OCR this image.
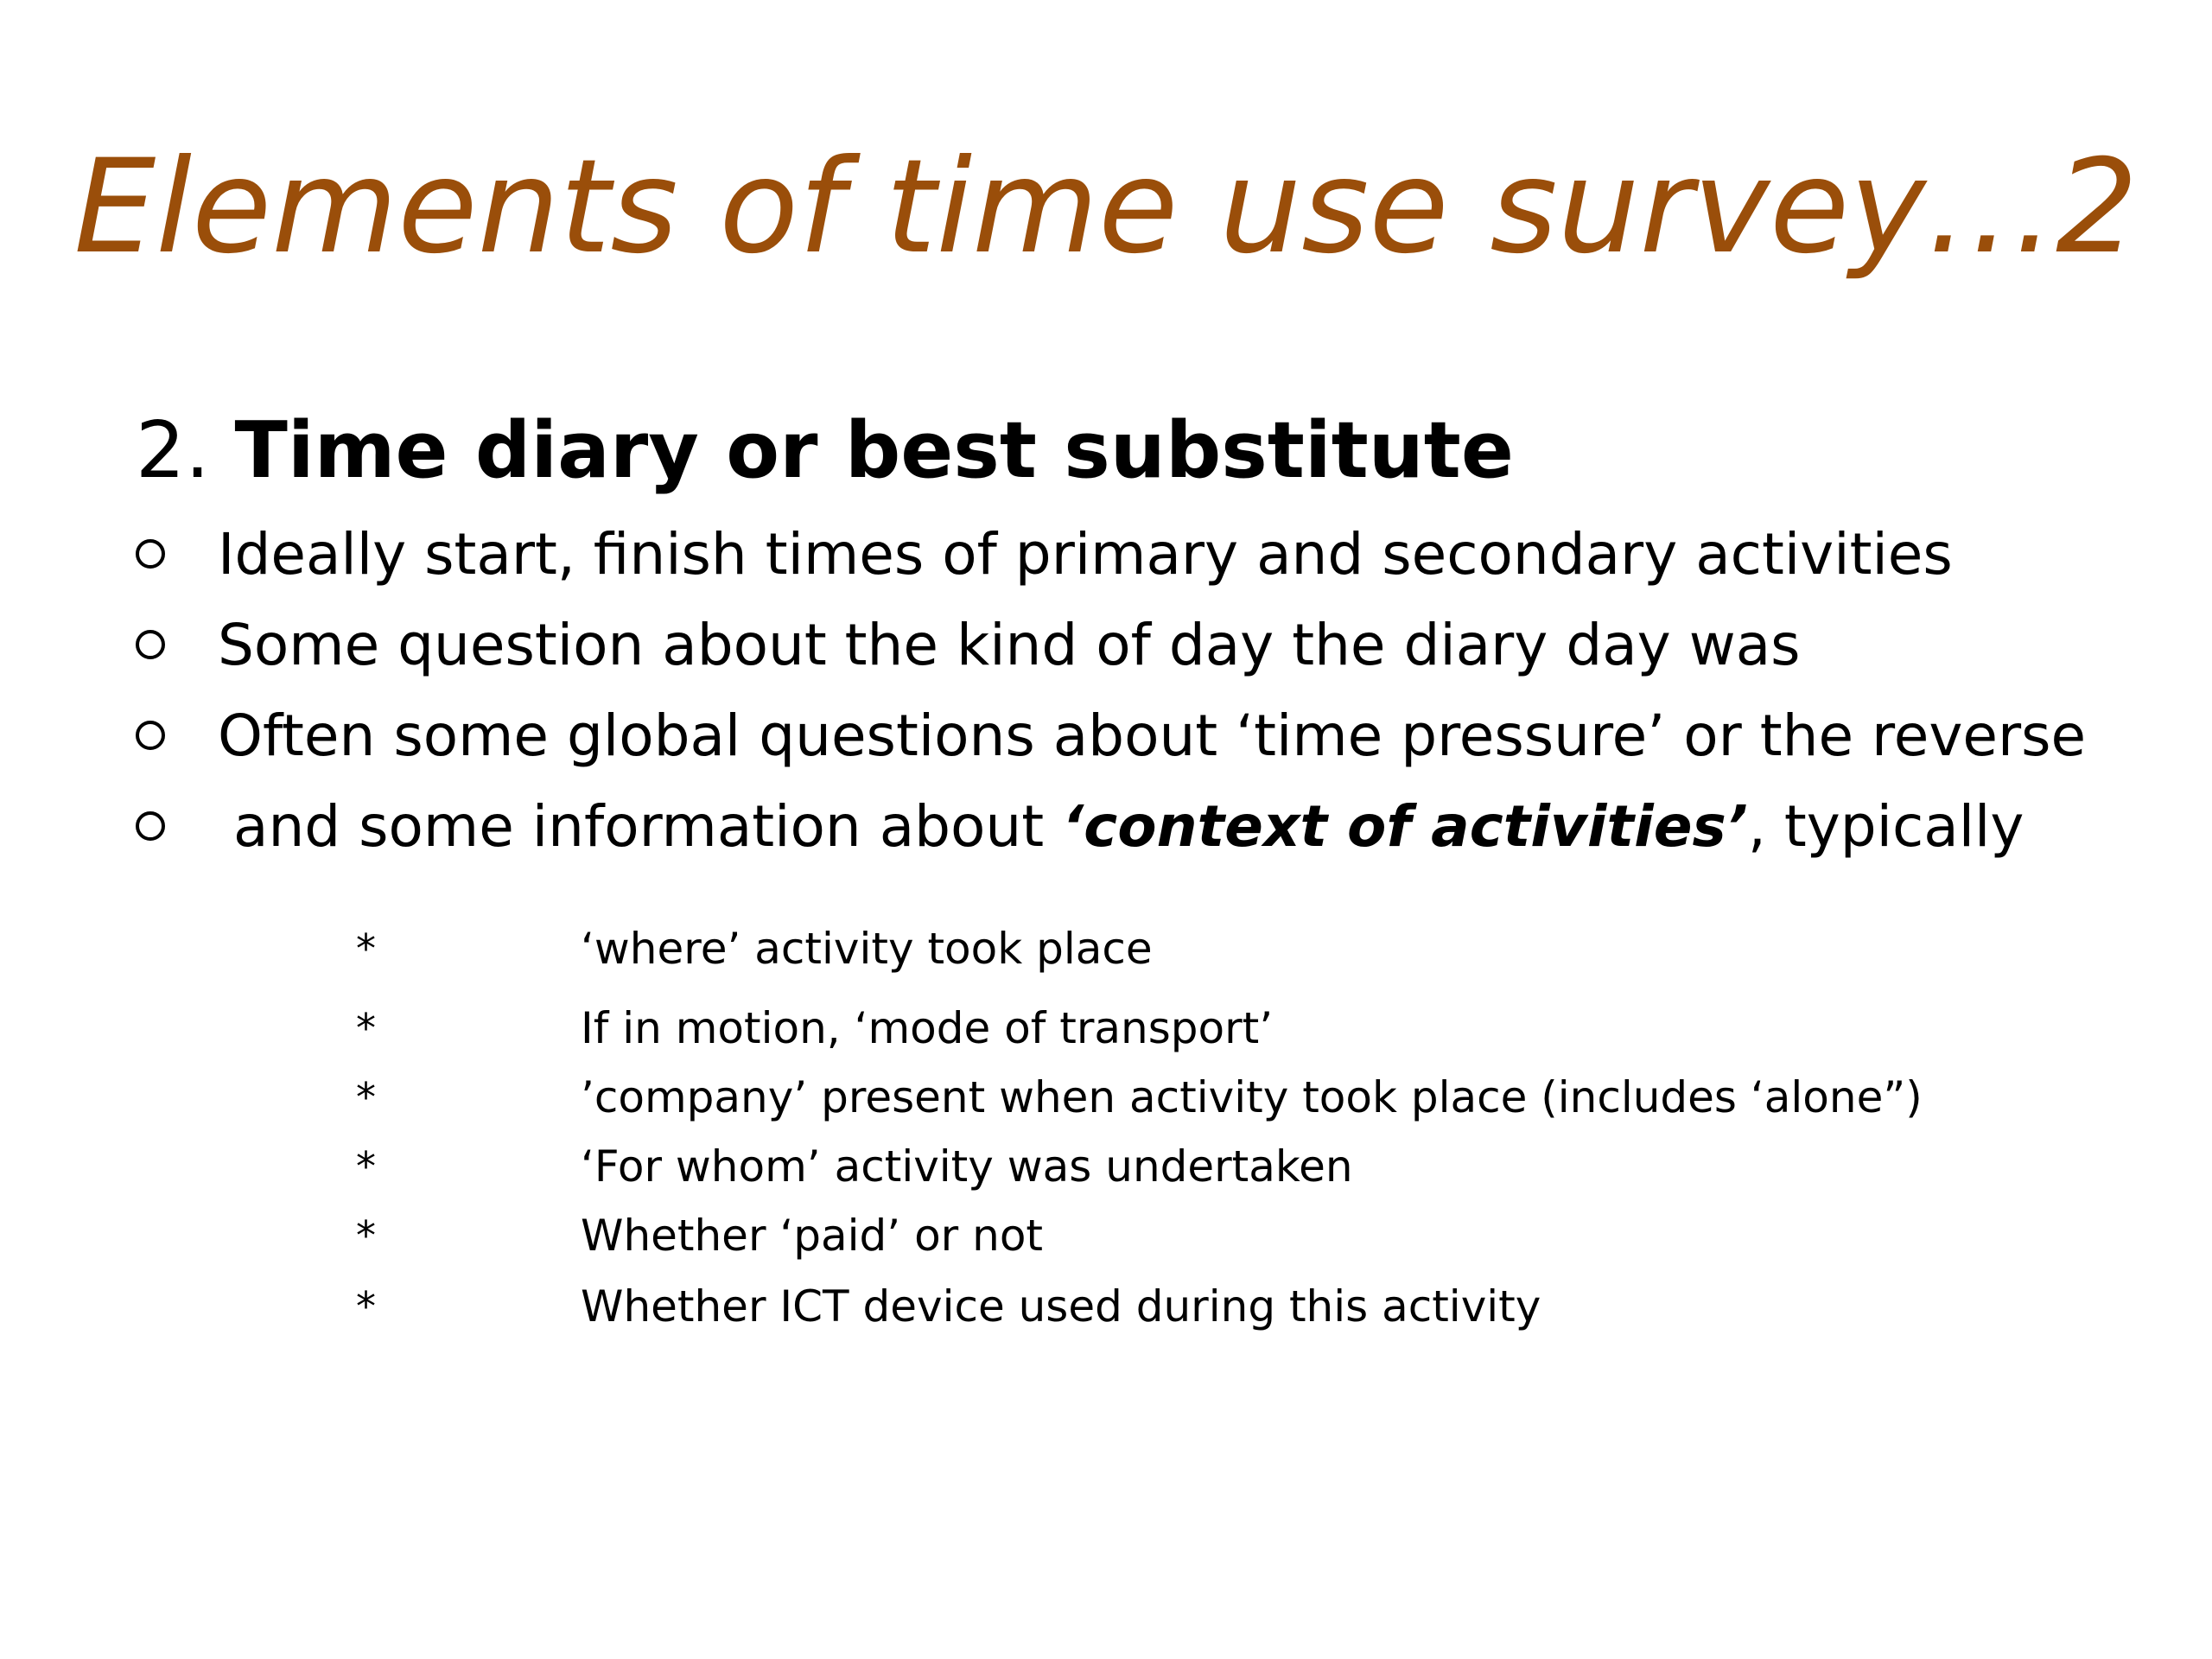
Elements of time use survey…2
2. Time diary or best substitute
Ideally start, finish times of primary and secondary activities
Some question about the kind of day the diary day was
Often some global questions about ‘time pressure’ or the reverse
and some information about ‘context of activities’, typically
*	‘where’ activity took place
*	If in motion, ‘mode of transport’
*	’company’ present when activity took place (includes ‘alone”)
*	‘For whom’ activity was undertaken
*	Whether ‘paid’ or not
*	Whether ICT device used during this activity
